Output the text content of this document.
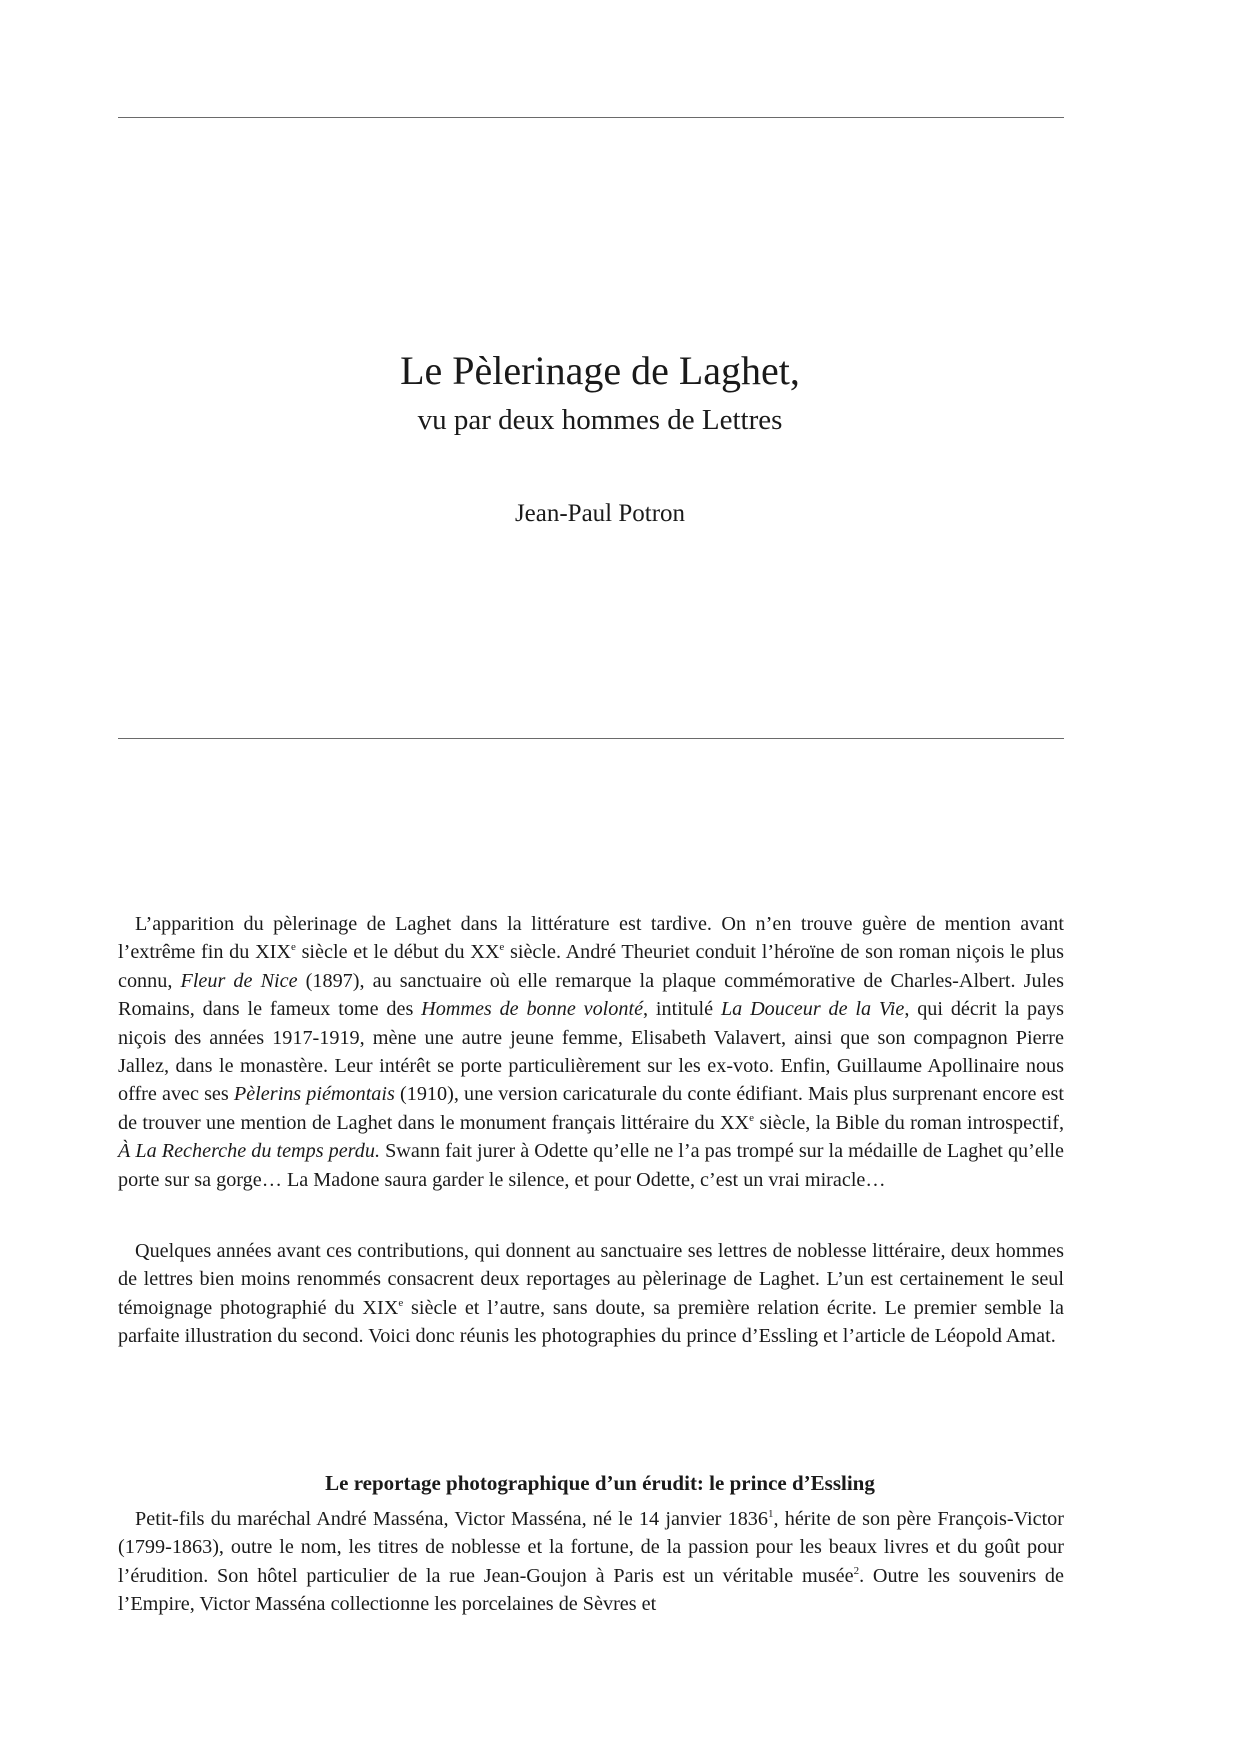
Le Pèlerinage de Laghet,
vu par deux hommes de Lettres

Jean-Paul Potron

L’apparition du pèlerinage de Laghet dans la littérature est tardive. On n’en trouve guère de mention avant l’extrême fin du XIXe siècle et le début du XXe siècle. André Theuriet conduit l’héroïne de son roman niçois le plus connu, Fleur de Nice (1897), au sanctuaire où elle remarque la plaque commémorative de Charles-Albert. Jules Romains, dans le fameux tome des Hommes de bonne volonté, intitulé La Douceur de la Vie, qui décrit la pays niçois des années 1917-1919, mène une autre jeune femme, Elisabeth Valavert, ainsi que son compagnon Pierre Jallez, dans le monastère. Leur intérêt se porte particulièrement sur les ex-voto. Enfin, Guillaume Apollinaire nous offre avec ses Pèlerins piémontais (1910), une version caricaturale du conte édifiant. Mais plus surprenant encore est de trouver une mention de Laghet dans le monument français littéraire du XXe siècle, la Bible du roman introspectif, À La Recherche du temps perdu. Swann fait jurer à Odette qu’elle ne l’a pas trompé sur la médaille de Laghet qu’elle porte sur sa gorge… La Madone saura garder le silence, et pour Odette, c’est un vrai miracle…

Quelques années avant ces contributions, qui donnent au sanctuaire ses lettres de noblesse littéraire, deux hommes de lettres bien moins renommés consacrent deux reportages au pèlerinage de Laghet. L’un est certainement le seul témoignage photographié du XIXe siècle et l’autre, sans doute, sa première relation écrite. Le premier semble la parfaite illustration du second. Voici donc réunis les photographies du prince d’Essling et l’article de Léopold Amat.

Le reportage photographique d’un érudit: le prince d’Essling

Petit-fils du maréchal André Masséna, Victor Masséna, né le 14 janvier 1836$^1$, hérite de son père François-Victor (1799-1863), outre le nom, les titres de noblesse et la fortune, de la passion pour les beaux livres et du goût pour l’érudition. Son hôtel particulier de la rue Jean-Goujon à Paris est un véritable musée$^2$. Outre les souvenirs de l’Empire, Victor Masséna collectionne les porcelaines de Sèvres et
